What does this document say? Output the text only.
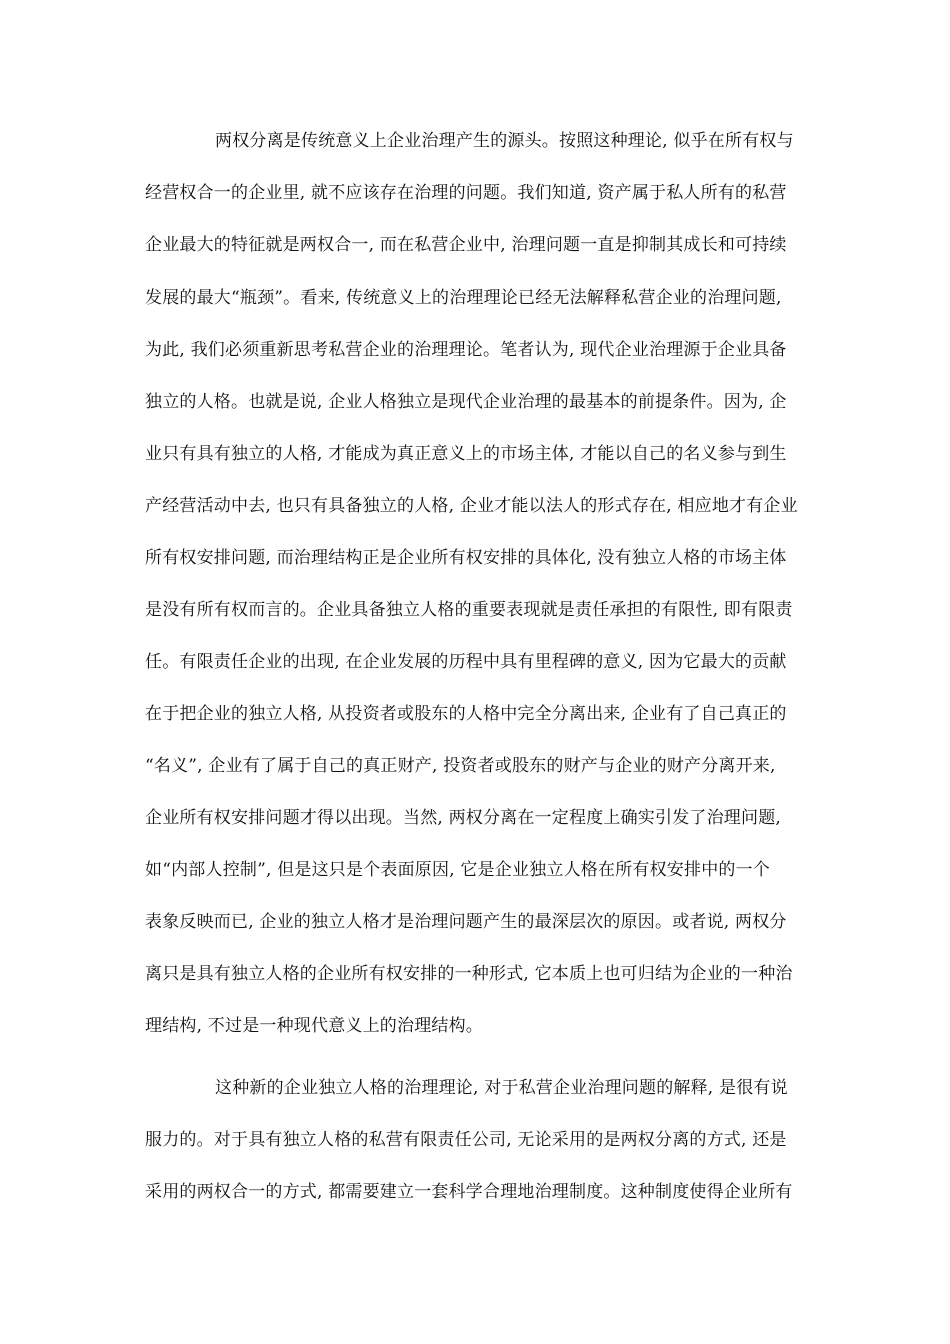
两权分离是传统意义上企业治理产生的源头。按照这种理论, 似乎在所有权与
经营权合一的企业里, 就不应该存在治理的问题。我们知道, 资产属于私人所有的私营
企业最大的特征就是两权合一, 而在私营企业中, 治理问题一直是抑制其成长和可持续
发展的最大“瓶颈”。看来, 传统意义上的治理理论已经无法解释私营企业的治理问题,
为此, 我们必须重新思考私营企业的治理理论。笔者认为, 现代企业治理源于企业具备
独立的人格。也就是说, 企业人格独立是现代企业治理的最基本的前提条件。因为, 企
业只有具有独立的人格, 才能成为真正意义上的市场主体, 才能以自己的名义参与到生
产经营活动中去, 也只有具备独立的人格, 企业才能以法人的形式存在, 相应地才有企业
所有权安排问题, 而治理结构正是企业所有权安排的具体化, 没有独立人格的市场主体
是没有所有权而言的。企业具备独立人格的重要表现就是责任承担的有限性, 即有限责
任。有限责任企业的出现, 在企业发展的历程中具有里程碑的意义, 因为它最大的贡献
在于把企业的独立人格, 从投资者或股东的人格中完全分离出来, 企业有了自己真正的
“名义”, 企业有了属于自己的真正财产, 投资者或股东的财产与企业的财产分离开来,
企业所有权安排问题才得以出现。当然, 两权分离在一定程度上确实引发了治理问题,
如“内部人控制”, 但是这只是个表面原因, 它是企业独立人格在所有权安排中的一个
表象反映而已, 企业的独立人格才是治理问题产生的最深层次的原因。或者说, 两权分
离只是具有独立人格的企业所有权安排的一种形式, 它本质上也可归结为企业的一种治
理结构, 不过是一种现代意义上的治理结构。
这种新的企业独立人格的治理理论, 对于私营企业治理问题的解释, 是很有说
服力的。对于具有独立人格的私营有限责任公司, 无论采用的是两权分离的方式, 还是
采用的两权合一的方式, 都需要建立一套科学合理地治理制度。这种制度使得企业所有
